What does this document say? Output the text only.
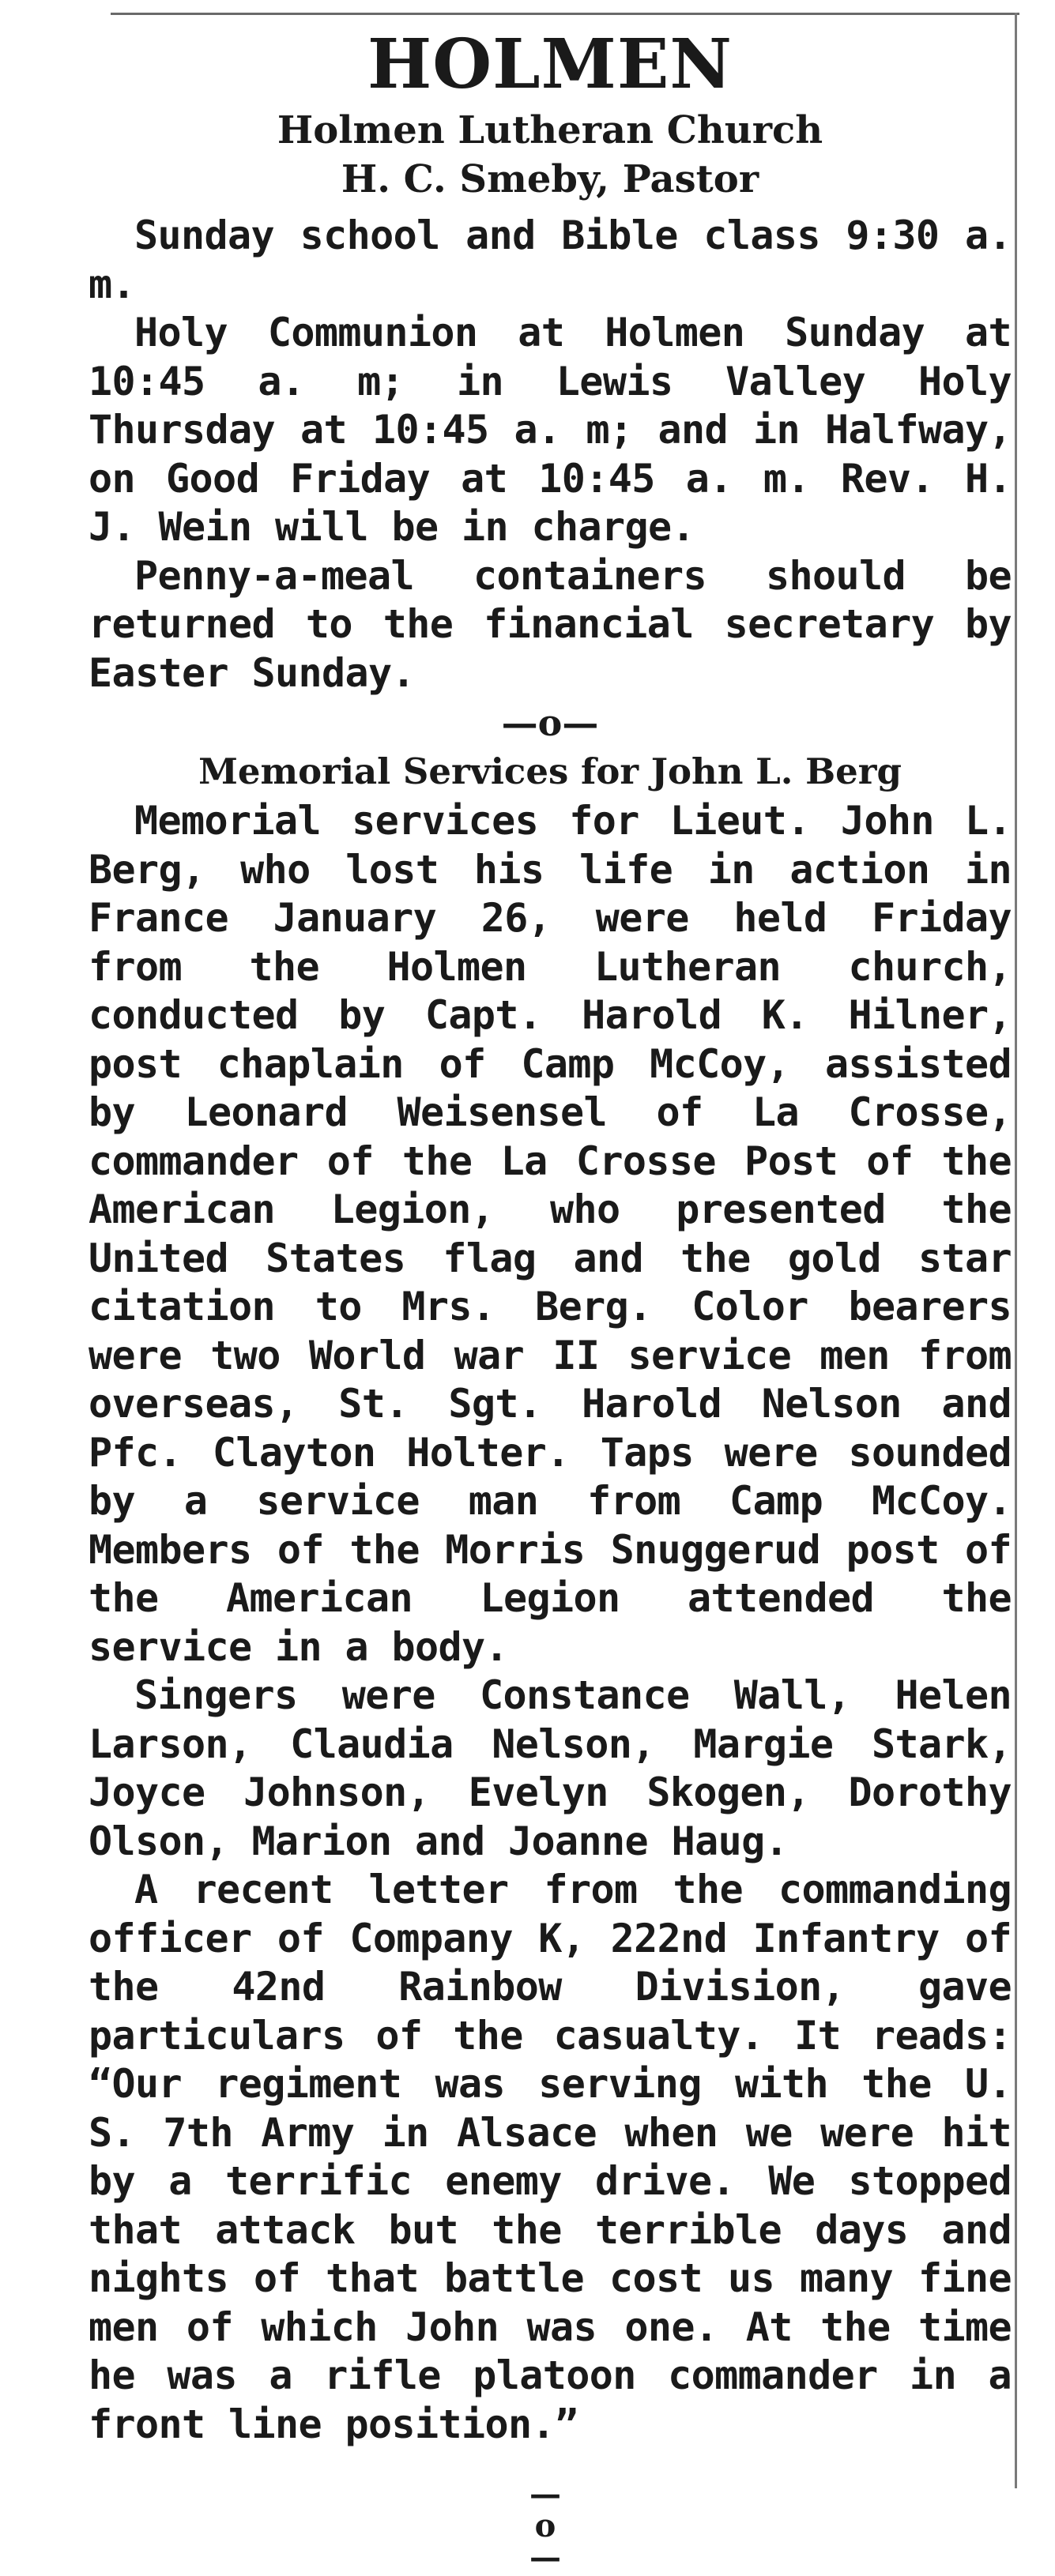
HOLMEN
Holmen Lutheran Church
H. C. Smeby, Pastor

Sunday school and Bible class 9:30 a. m.

Holy Communion at Holmen Sunday at 10:45 a. m; in Lewis Valley Holy Thursday at 10:45 a. m; and in Halfway, on Good Friday at 10:45 a. m. Rev. H. J. Wein will be in charge.

Penny-a-meal containers should be returned to the financial secretary by Easter Sunday.

—o—
Memorial Services for John L. Berg

Memorial services for Lieut. John L. Berg, who lost his life in action in France January 26, were held Friday from the Holmen Lutheran church, conducted by Capt. Harold K. Hilner, post chaplain of Camp McCoy, assisted by Leonard Weisensel of La Crosse, commander of the La Crosse Post of the American Legion, who presented the United States flag and the gold star citation to Mrs. Berg. Color bearers were two World war II service men from overseas, St. Sgt. Harold Nelson and Pfc. Clayton Holter. Taps were sounded by a service man from Camp McCoy. Members of the Morris Snuggerud post of the American Legion attended the service in a body.

Singers were Constance Wall, Helen Larson, Claudia Nelson, Margie Stark, Joyce Johnson, Evelyn Skogen, Dorothy Olson, Marion and Joanne Haug.

A recent letter from the commanding officer of Company K, 222nd Infantry of the 42nd Rainbow Division, gave particulars of the casualty. It reads: “Our regiment was serving with the U. S. 7th Army in Alsace when we were hit by a terrific enemy drive. We stopped that attack but the terrible days and nights of that battle cost us many fine men of which John was one. At the time he was a rifle platoon commander in a front line position.”

—o—
